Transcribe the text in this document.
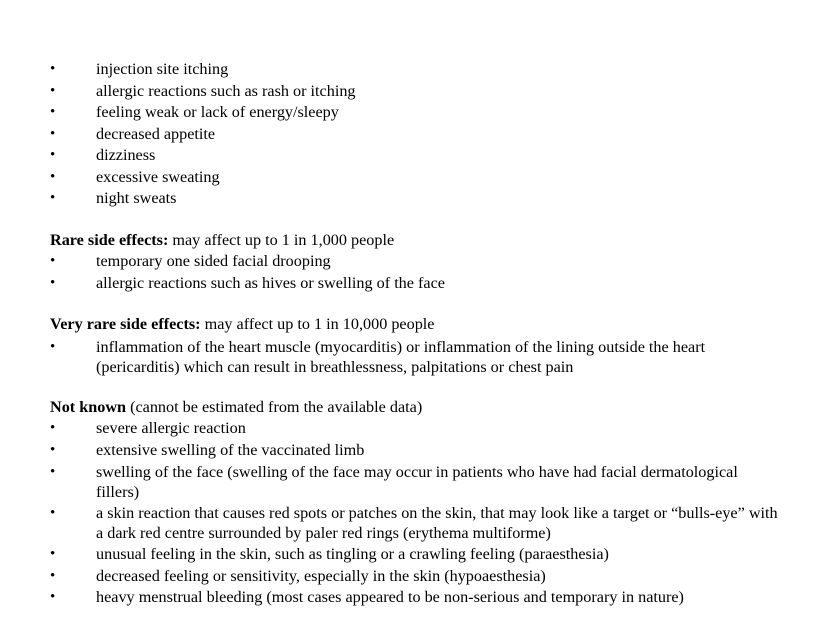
•	injection site itching
•	allergic reactions such as rash or itching
•	feeling weak or lack of energy/sleepy
•	decreased appetite
•	dizziness
•	excessive sweating
•	night sweats
Rare side effects: may affect up to 1 in 1,000 people
•	temporary one sided facial drooping
•	allergic reactions such as hives or swelling of the face
Very rare side effects: may affect up to 1 in 10,000 people
•	inflammation of the heart muscle (myocarditis) or inflammation of the lining outside the heart (pericarditis) which can result in breathlessness, palpitations or chest pain
Not known (cannot be estimated from the available data)
•	severe allergic reaction
•	extensive swelling of the vaccinated limb
•	swelling of the face (swelling of the face may occur in patients who have had facial dermatological fillers)
•	a skin reaction that causes red spots or patches on the skin, that may look like a target or “bulls-eye” with a dark red centre surrounded by paler red rings (erythema multiforme)
•	unusual feeling in the skin, such as tingling or a crawling feeling (paraesthesia)
•	decreased feeling or sensitivity, especially in the skin (hypoaesthesia)
•	heavy menstrual bleeding (most cases appeared to be non-serious and temporary in nature)
